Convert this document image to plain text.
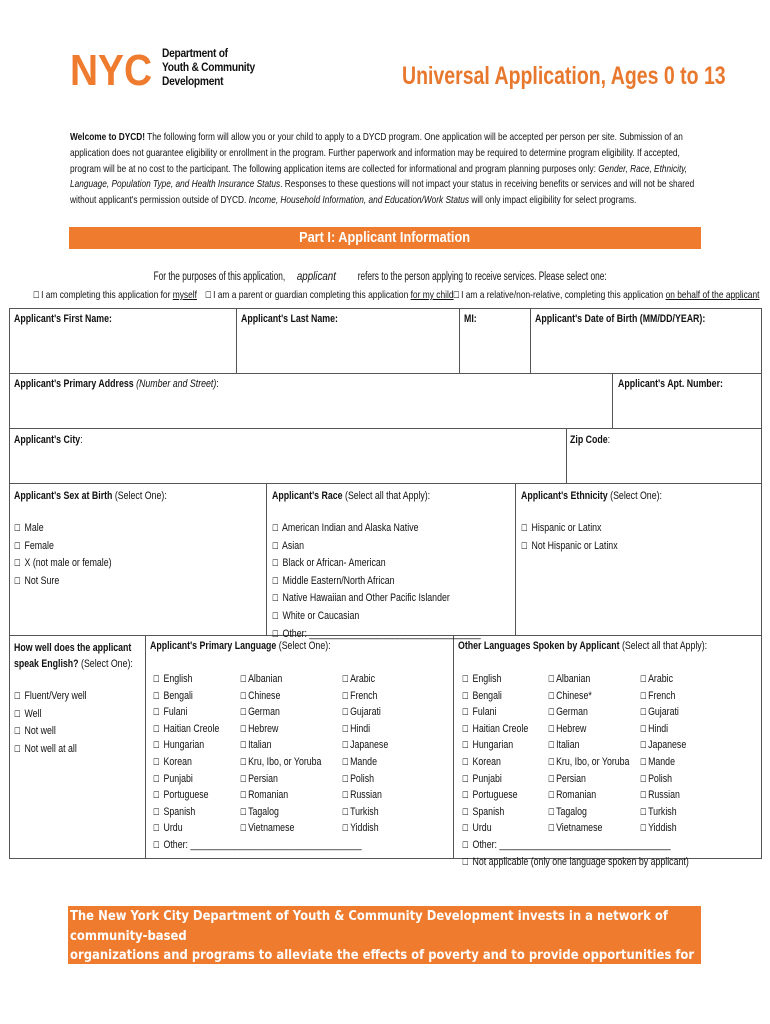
NYC Department of
Youth & Community
Development	Universal Application, Ages 0 to 13
Welcome to DYCD! The following form will allow you or your child to apply to a DYCD program. One application will be accepted per person per site. Submission of an application does not guarantee eligibility or enrollment in the program. Further paperwork and information may be required to determine program eligibility. If accepted, program will be at no cost to the participant. The following application items are collected for informational and program planning purposes only: Gender, Race, Ethnicity, Language, Population Type, and Health Insurance Status. Responses to these questions will not impact your status in receiving benefits or services and will not be shared without applicant's permission outside of DYCD. Income, Household Information, and Education/Work Status will only impact eligibility for select programs.
Part I: Applicant Information
For the purposes of this application,applicantrefers to the person applying to receive services. Please select one:
☐ I am completing this application for myself ☐ I am a parent or guardian completing this application for my child ☐ I am a relative/non-relative, completing this application on behalf of the applicant
Applicant's First Name:	Applicant's Last Name:	MI:	Applicant's Date of Birth (MM/DD/YEAR):
Applicant's Primary Address (Number and Street):	Applicant's Apt. Number:
Applicant's City:	Zip Code:
Applicant's Sex at Birth (Select One):
☐ Male
☐ Female
☐ X (not male or female)
☐ Not Sure
Applicant's Race (Select all that Apply):
☐ American Indian and Alaska Native
☐ Asian
☐ Black or African- American
☐ Middle Eastern/North African
☐ Native Hawaiian and Other Pacific Islander
☐ White or Caucasian
☐ Other: ___________________________________
Applicant's Ethnicity (Select One):
☐ Hispanic or Latinx
☐ Not Hispanic or Latinx
How well does the applicant
speak English? (Select One):
☐ Fluent/Very well
☐ Well
☐ Not well
☐ Not well at all
Applicant's Primary Language (Select One):
☐ English
☐ Bengali
☐ Fulani
☐ Haitian Creole
☐ Hungarian
☐ Korean
☐ Punjabi
☐ Portuguese
☐ Spanish
☐ Urdu
☐ Other: ___________________________________
☐ Albanian
☐ Chinese
☐ German
☐ Hebrew
☐ Italian
☐ Kru, Ibo, or Yoruba
☐ Persian
☐ Romanian
☐ Tagalog
☐ Vietnamese
☐ Arabic
☐ French
☐ Gujarati
☐ Hindi
☐ Japanese
☐ Mande
☐ Polish
☐ Russian
☐ Turkish
☐ Yiddish
Other Languages Spoken by Applicant (Select all that Apply):
☐ English
☐ Bengali
☐ Fulani
☐ Haitian Creole
☐ Hungarian
☐ Korean
☐ Punjabi
☐ Portuguese
☐ Spanish
☐ Urdu
☐ Other: ___________________________________
☐ Not applicable (only one language spoken by applicant)
☐ Albanian
☐ Chinese*
☐ German
☐ Hebrew
☐ Italian
☐ Kru, Ibo, or Yoruba
☐ Persian
☐ Romanian
☐ Tagalog
☐ Vietnamese
☐ Arabic
☐ French
☐ Gujarati
☐ Hindi
☐ Japanese
☐ Mande
☐ Polish
☐ Russian
☐ Turkish
☐ Yiddish
The New York City Department of Youth & Community Development invests in a network of community-based
organizations and programs to alleviate the effects of poverty and to provide opportunities for New Yorkers and
communities to flourish.
